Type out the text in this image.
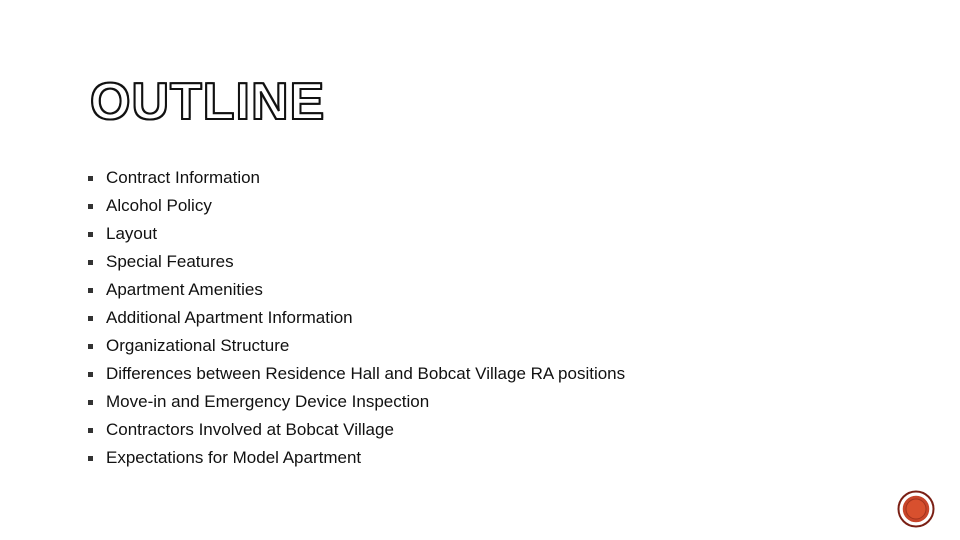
OUTLINE
Contract Information
Alcohol Policy
Layout
Special Features
Apartment Amenities
Additional Apartment Information
Organizational Structure
Differences between Residence Hall and Bobcat Village RA positions
Move-in and Emergency Device Inspection
Contractors Involved at Bobcat Village
Expectations for Model Apartment
